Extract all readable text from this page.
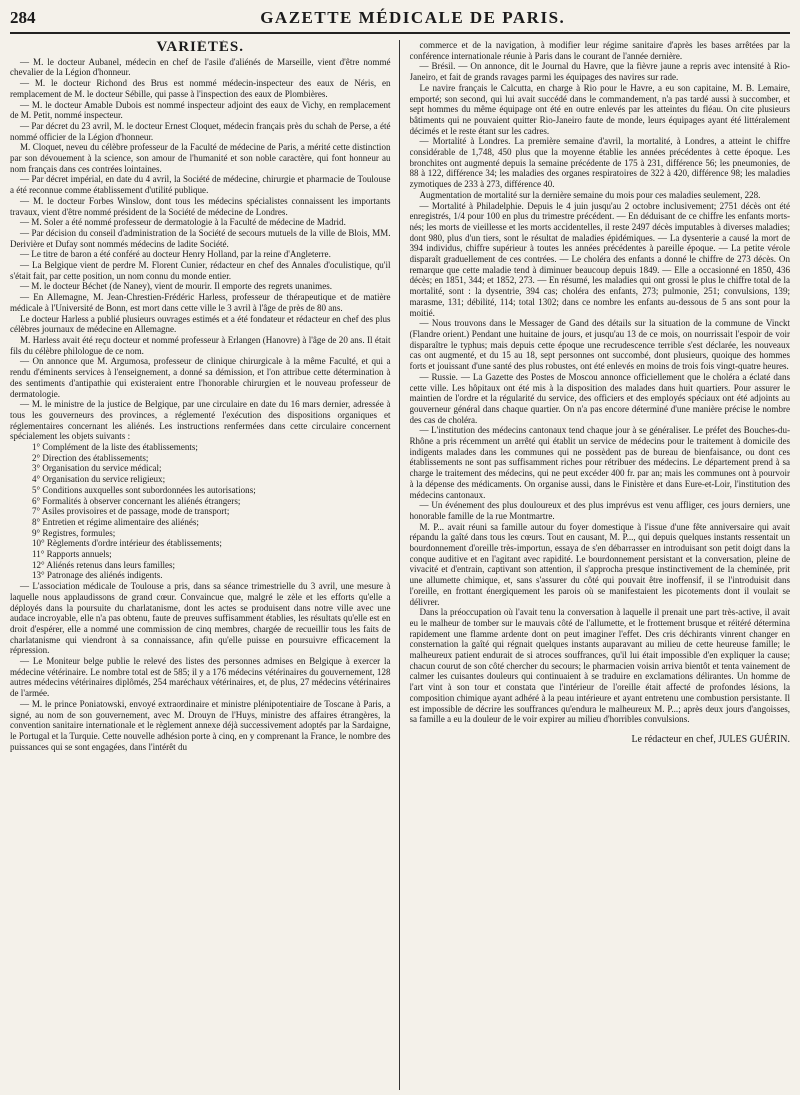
284	GAZETTE MÉDICALE DE PARIS.
VARIÉTÉS.

— M. le docteur Aubanel, médecin en chef de l'asile d'aliénés de Marseille, vient d'être nommé chevalier de la Légion d'honneur.

— M. le docteur Richond des Brus est nommé médecin-inspecteur des eaux de Néris, en remplacement de M. le docteur Sébille, qui passe à l'inspection des eaux de Plombières.

— M. le docteur Amable Dubois est nommé inspecteur adjoint des eaux de Vichy, en remplacement de M. Petit, nommé inspecteur.

— Par décret du 23 avril, M. le docteur Ernest Cloquet, médecin français près du schah de Perse, a été nommé officier de la Légion d'honneur.

M. Cloquet, neveu du célèbre professeur de la Faculté de médecine de Paris, a mérité cette distinction par son dévouement à la science, son amour de l'humanité et son noble caractère, qui font honneur au nom français dans ces contrées lointaines.

— Par décret impérial, en date du 4 avril, la Société de médecine, chirurgie et pharmacie de Toulouse a été reconnue comme établissement d'utilité publique.

— M. le docteur Forbes Winslow, dont tous les médecins spécialistes connaissent les importants travaux, vient d'être nommé président de la Société de médecine de Londres.

— M. Soler a été nommé professeur de dermatologie à la Faculté de médecine de Madrid.

— Par décision du conseil d'administration de la Société de secours mutuels de la ville de Blois, MM. Derivière et Dufay sont nommés médecins de ladite Société.

— Le titre de baron a été conféré au docteur Henry Holland, par la reine d'Angleterre.

— La Belgique vient de perdre M. Florent Cunier, rédacteur en chef des Annales d'oculistique, qu'il s'était fait, par cette position, un nom connu du monde entier.

— M. le docteur Béchet (de Naney), vient de mourir. Il emporte des regrets unanimes.

— En Allemagne, M. Jean-Chrestien-Frédéric Harless, professeur de thérapeutique et de matière médicale à l'Université de Bonn, est mort dans cette ville le 3 avril à l'âge de près de 80 ans.

Le docteur Harless a publié plusieurs ouvrages estimés et a été fondateur et rédacteur en chef des plus célèbres journaux de médecine en Allemagne.

M. Harless avait été reçu docteur et nommé professeur à Erlangen (Hanovre) à l'âge de 20 ans. Il était fils du célèbre philologue de ce nom.

— On annonce que M. Argumosa, professeur de clinique chirurgicale à la même Faculté, et qui a rendu d'éminents services à l'enseignement, a donné sa démission, et l'on attribue cette détermination à des sentiments d'antipathie qui existeraient entre l'honorable chirurgien et le nouveau professeur de dermatologie.

— M. le ministre de la justice de Belgique, par une circulaire en date du 16 mars dernier, adressée à tous les gouverneurs des provinces, a réglementé l'exécution des dispositions organiques et réglementaires concernant les aliénés. Les instructions renfermées dans cette circulaire concernent spécialement les objets suivants :

1° Complément de la liste des établissements;
2° Direction des établissements;
3° Organisation du service médical;
4° Organisation du service religieux;
5° Conditions auxquelles sont subordonnées les autorisations;
6° Formalités à observer concernant les aliénés étrangers;
7° Asiles provisoires et de passage, mode de transport;
8° Entretien et régime alimentaire des aliénés;
9° Registres, formules;
10° Règlements d'ordre intérieur des établissements;
11° Rapports annuels;
12° Aliénés retenus dans leurs familles;
13° Patronage des aliénés indigents.

— L'association médicale de Toulouse a pris, dans sa séance trimestrielle du 3 avril, une mesure à laquelle nous applaudissons de grand cœur. Convaincue que, malgré le zèle et les efforts qu'elle a déployés dans la poursuite du charlatanisme, dont les actes se produisent dans notre ville avec une audace incroyable, elle n'a pas obtenu, faute de preuves suffisamment établies, les résultats qu'elle est en droit d'espérer, elle a nommé une commission de cinq membres, chargée de recueillir tous les faits de charlatanisme qui viendront à sa connaissance, afin qu'elle puisse en poursuivre efficacement la répression.

— Le Moniteur belge publie le relevé des listes des personnes admises en Belgique à exercer la médecine vétérinaire. Le nombre total est de 585; il y a 176 médecins vétérinaires du gouvernement, 128 autres médecins vétérinaires diplômés, 254 maréchaux vétérinaires, et, de plus, 27 médecins vétérinaires de l'armée.

— M. le prince Poniatowski, envoyé extraordinaire et ministre plénipotentiaire de Toscane à Paris, a signé, au nom de son gouvernement, avec M. Drouyn de l'Huys, ministre des affaires étrangères, la convention sanitaire internationale et le règlement annexe déjà successivement adoptés par la Sardaigne, le Portugal et la Turquie. Cette nouvelle adhésion porte à cinq, en y comprenant la France, le nombre des puissances qui se sont engagées, dans l'intérêt du

commerce et de la navigation, à modifier leur régime sanitaire d'après les bases arrêtées par la conférence internationale réunie à Paris dans le courant de l'année dernière.

— Brésil. — On annonce, dit le Journal du Havre, que la fièvre jaune a repris avec intensité à Rio-Janeiro, et fait de grands ravages parmi les équipages des navires sur rade.

Le navire français le Calcutta, en charge à Rio pour le Havre, a eu son capitaine, M. B. Lemaire, emporté; son second, qui lui avait succédé dans le commandement, n'a pas tardé aussi à succomber, et sept hommes du même équipage ont été en outre enlevés par les atteintes du fléau. On cite plusieurs bâtiments qui ne pouvaient quitter Rio-Janeiro faute de monde, leurs équipages ayant été littéralement décimés et le reste étant sur les cadres.

— Mortalité à Londres. La première semaine d'avril, la mortalité, à Londres, a atteint le chiffre considérable de 1,748, 450 plus que la moyenne établie les années précédentes à cette époque. Les bronchites ont augmenté depuis la semaine précédente de 175 à 231, différence 56; les pneumonies, de 88 à 122, différence 34; les maladies des organes respiratoires de 322 à 420, différence 98; les maladies zymotiques de 233 à 273, différence 40.

Augmentation de mortalité sur la dernière semaine du mois pour ces maladies seulement, 228.

— Mortalité à Philadelphie. Depuis le 4 juin jusqu'au 2 octobre inclusivement; 2751 décès ont été enregistrés, 1/4 pour 100 en plus du trimestre précédent. — En déduisant de ce chiffre les enfants morts-nés; les morts de vieillesse et les morts accidentelles, il reste 2497 décès imputables à diverses maladies; dont 980, plus d'un tiers, sont le résultat de maladies épidémiques. — La dysenterie a causé la mort de 394 individus, chiffre supérieur à toutes les années précédentes à pareille époque. — La petite vérole disparaît graduellement de ces contrées. — Le choléra des enfants a donné le chiffre de 273 décès. On remarque que cette maladie tend à diminuer beaucoup depuis 1849. — Elle a occasionné en 1850, 436 décès; en 1851, 344; et 1852, 273. — En résumé, les maladies qui ont grossi le plus le chiffre total de la mortalité, sont : la dysentrie, 394 cas; choléra des enfants, 273; pulmonie, 251; convulsions, 139; marasme, 131; débilité, 114; total 1302; dans ce nombre les enfants au-dessous de 5 ans sont pour la moitié.

— Nous trouvons dans le Messager de Gand des détails sur la situation de la commune de Vinckt (Flandre orient.) Pendant une huitaine de jours, et jusqu'au 13 de ce mois, on nourrissait l'espoir de voir disparaître le typhus; mais depuis cette époque une recrudescence terrible s'est déclarée, les nouveaux cas ont augmenté, et du 15 au 18, sept personnes ont succombé, dont plusieurs, quoique des hommes forts et jouissant d'une santé des plus robustes, ont été enlevés en moins de trois fois vingt-quatre heures.

— Russie. — La Gazette des Postes de Moscou annonce officiellement que le choléra a éclaté dans cette ville. Les hôpitaux ont été mis à la disposition des malades dans huit quartiers. Pour assurer le maintien de l'ordre et la régularité du service, des officiers et des employés spéciaux ont été adjoints au gouverneur général dans chaque quartier. On n'a pas encore déterminé d'une manière précise le nombre des cas de choléra.

— L'institution des médecins cantonaux tend chaque jour à se généraliser. Le préfet des Bouches-du-Rhône a pris récemment un arrêté qui établit un service de médecins pour le traitement à domicile des indigents malades dans les communes qui ne possèdent pas de bureau de bienfaisance, ou dont ces établissements ne sont pas suffisamment riches pour rétribuer des médecins. Le département prend à sa charge le traitement des médecins, qui ne peut excéder 400 fr. par an; mais les communes ont à pourvoir à la dépense des médicaments. On organise aussi, dans le Finistère et dans Eure-et-Loir, l'institution des médecins cantonaux.

— Un événement des plus douloureux et des plus imprévus est venu affliger, ces jours derniers, une honorable famille de la rue Montmartre.

M. P... avait réuni sa famille autour du foyer domestique à l'issue d'une fête anniversaire qui avait répandu la gaîté dans tous les cœurs. Tout en causant, M. P..., qui depuis quelques instants ressentait un bourdonnement d'oreille très-importun, essaya de s'en débarrasser en introduisant son petit doigt dans la conque auditive et en l'agitant avec rapidité. Le bourdonnement persistant et la conversation, pleine de vivacité et d'entrain, captivant son attention, il s'approcha presque instinctivement de la cheminée, prit une allumette chimique, et, sans s'assurer du côté qui pouvait être inoffensif, il se l'introduisit dans l'oreille, en frottant énergiquement les parois où se manifestaient les picotements dont il voulait se délivrer.

Dans la préoccupation où l'avait tenu la conversation à laquelle il prenait une part très-active, il avait eu le malheur de tomber sur le mauvais côté de l'allumette, et le frottement brusque et réitéré détermina rapidement une flamme ardente dont on peut imaginer l'effet. Des cris déchirants vinrent changer en consternation la gaîté qui régnait quelques instants auparavant au milieu de cette heureuse famille; le malheureux patient endurait de si atroces souffrances, qu'il lui était impossible d'en expliquer la cause; chacun courut de son côté chercher du secours; le pharmacien voisin arriva bientôt et tenta vainement de calmer les cuisantes douleurs qui continuaient à se traduire en exclamations délirantes. Un homme de l'art vint à son tour et constata que l'intérieur de l'oreille était affecté de profondes lésions, la composition chimique ayant adhéré à la peau intérieure et ayant entretenu une combustion persistante. Il est impossible de décrire les souffrances qu'endura le malheureux M. P...; après deux jours d'angoisses, sa famille a eu la douleur de le voir expirer au milieu d'horribles convulsions.

Le rédacteur en chef, JULES GUÉRIN.
